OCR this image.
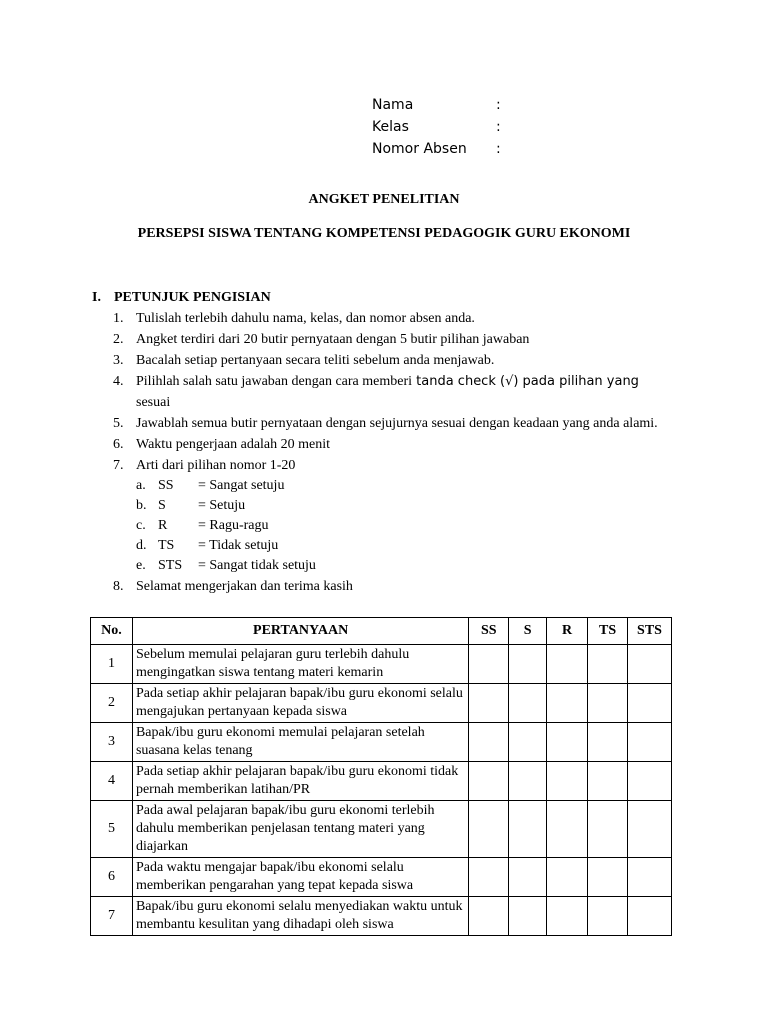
Nama	:
Kelas	:
Nomor Absen :
ANGKET PENELITIAN
PERSEPSI SISWA TENTANG KOMPETENSI PEDAGOGIK GURU EKONOMI
I. PETUNJUK PENGISIAN
1. Tulislah terlebih dahulu nama, kelas, dan nomor absen anda.
2. Angket terdiri dari 20 butir pernyataan dengan 5 butir pilihan jawaban
3. Bacalah setiap pertanyaan secara teliti sebelum anda menjawab.
4. Pilihlah salah satu jawaban dengan cara memberi tanda check (√) pada pilihan yang
sesuai
5. Jawablah semua butir pernyataan dengan sejujurnya sesuai dengan keadaan yang anda alami.
6. Waktu pengerjaan adalah 20 menit
7. Arti dari pilihan nomor 1-20
a. SS = Sangat setuju
b. S = Setuju
c. R = Ragu-ragu
d. TS = Tidak setuju
e. STS = Sangat tidak setuju
8. Selamat mengerjakan dan terima kasih
No.	PERTANYAAN	SS	S	R	TS	STS
1	Sebelum memulai pelajaran guru terlebih dahulu mengingatkan siswa tentang materi kemarin					
2	Pada setiap akhir pelajaran bapak/ibu guru ekonomi selalu mengajukan pertanyaan kepada siswa					
3	Bapak/ibu guru ekonomi memulai pelajaran setelah suasana kelas tenang					
4	Pada setiap akhir pelajaran bapak/ibu guru ekonomi tidak pernah memberikan latihan/PR					
5	Pada awal pelajaran bapak/ibu guru ekonomi terlebih dahulu memberikan penjelasan tentang materi yang diajarkan					
6	Pada waktu mengajar bapak/ibu ekonomi selalu memberikan pengarahan yang tepat kepada siswa					
7	Bapak/ibu guru ekonomi selalu menyediakan waktu untuk membantu kesulitan yang dihadapi oleh siswa					
